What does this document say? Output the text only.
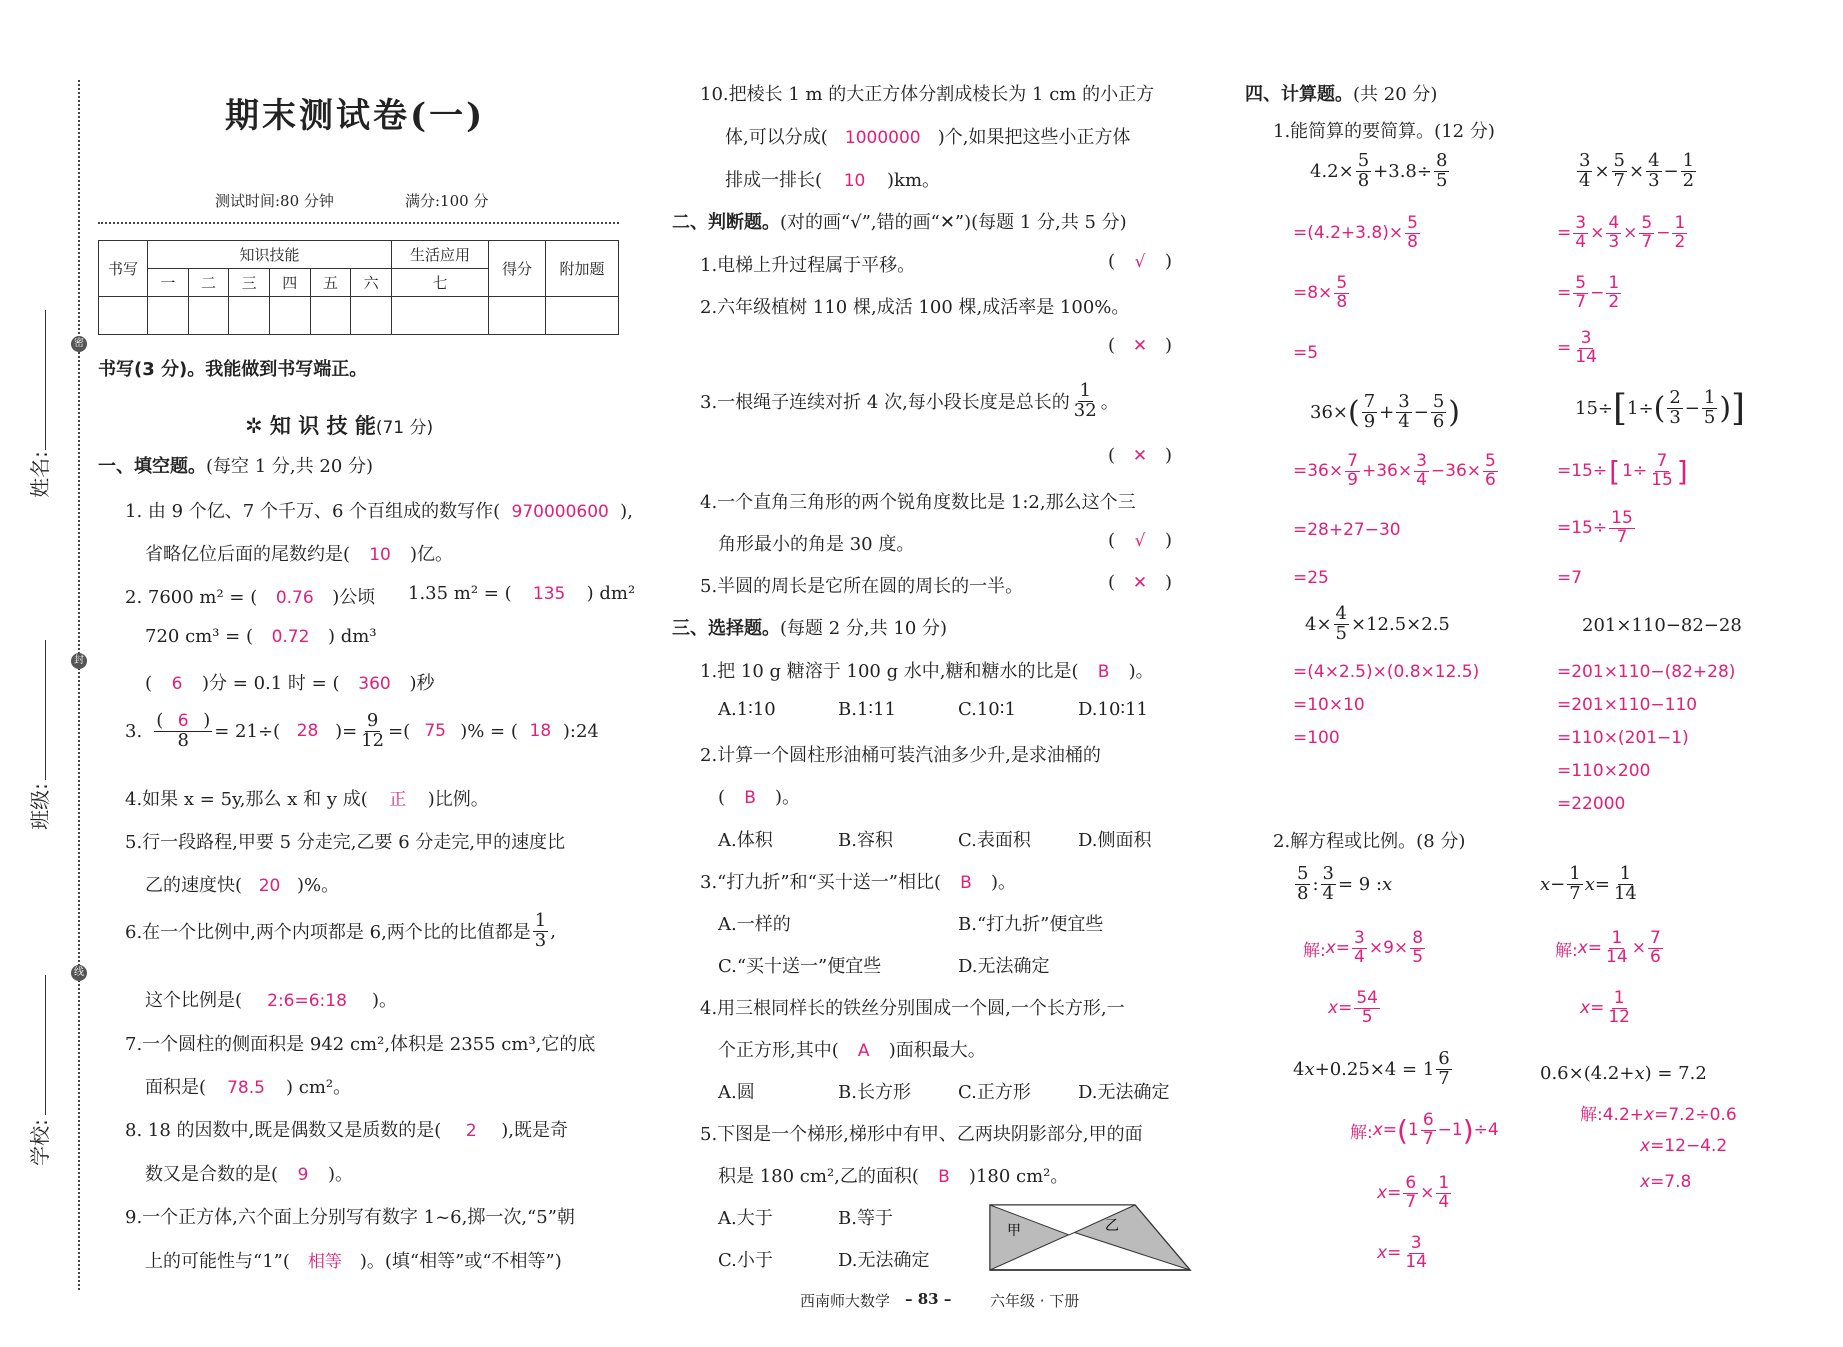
密
封
线
姓名:
班级:
学校:
期末测试卷(一)
测试时间:80 分钟	满分:100 分
书写	知识技能						生活应用	得分	附加题
	一	二	三	四	五	六	七		

书写(3 分)。我能做到书写端正。
✲ 知 识 技 能(71 分)
一、填空题。(每空 1 分,共 20 分)
1. 由 9 个亿、7 个千万、6 个百组成的数写作( 970000600 ),
省略亿位后面的尾数约是( 10 )亿。
2. 7600 m² = ( 0.76 )公顷 1.35 m² = ( 135 ) dm²
720 cm³ = ( 0.72 ) dm³
( 6 )分 = 0.1 时 = ( 360 )秒
3. $\frac{( 6 )}{8} = 21\div$( 28 )= $\frac{9}{12}$ =( 75 )% = ( 18 ):24
4.如果 x = 5y,那么 x 和 y 成( 正 )比例。
5.行一段路程,甲要 5 分走完,乙要 6 分走完,甲的速度比
乙的速度快( 20 )%。
6.在一个比例中,两个内项都是 6,两个比的比值都是 $\frac{1}{3}$ ,
这个比例是( 2:6=6:18 )。
7.一个圆柱的侧面积是 942 cm²,体积是 2355 cm³,它的底
面积是( 78.5 ) cm²。
8. 18 的因数中,既是偶数又是质数的是( 2 ),既是奇
数又是合数的是( 9 )。
9.一个正方体,六个面上分别写有数字 1~6,掷一次,“5”朝
上的可能性与“1”( 相等 )。(填“相等”或“不相等”)
10.把棱长 1 m 的大正方体分割成棱长为 1 cm 的小正方
体,可以分成( 1000000 )个,如果把这些小正方体
排成一排长( 10 )km。
二、判断题。(对的画“√”,错的画“✕”)(每题 1 分,共 5 分)
1.电梯上升过程属于平移。	( √ )
2.六年级植树 110 棵,成活 100 棵,成活率是 100%。
( ✕ )
3.一根绳子连续对折 4 次,每小段长度是总长的 $\frac{1}{32}$ 。
( ✕ )
4.一个直角三角形的两个锐角度数比是 1:2,那么这个三
角形最小的角是 30 度。	( √ )
5.半圆的周长是它所在圆的周长的一半。	( ✕ )
三、选择题。(每题 2 分,共 10 分)
1.把 10 g 糖溶于 100 g 水中,糖和糖水的比是( B )。
A.1∶10	B.1∶11	C.10∶1	D.10∶11
2.计算一个圆柱形油桶可装汽油多少升,是求油桶的
( B )。
A.体积	B.容积	C.表面积	D.侧面积
3.“打九折”和“买十送一”相比( B )。
A.一样的	B.“打九折”便宜些
C.“买十送一”便宜些	D.无法确定
4.用三根同样长的铁丝分别围成一个圆,一个长方形,一
个正方形,其中( A )面积最大。
A.圆	B.长方形	C.正方形	D.无法确定
5.下图是一个梯形,梯形中有甲、乙两块阴影部分,甲的面
积是 180 cm²,乙的面积( B )180 cm²。
A.大于	B.等于
C.小于	D.无法确定
甲	乙
四、计算题。(共 20 分)
1.能简算的要简算。(12 分)
$4.2\times \frac{5}{8} +3.8\div \frac{8}{5}$
$=(4.2+3.8)\times \frac{5}{8}$
$=8\times \frac{5}{8}$
=5
$\frac{3}{4} \times \frac{5}{7} \times \frac{4}{3} - \frac{1}{2}$
= $\frac{3}{4} \times \frac{4}{3} \times \frac{5}{7} - \frac{1}{2}$
= $\frac{5}{7} - \frac{1}{2}$
= $\frac{3}{14}$
36× ( $\frac{7}{9} + \frac{3}{4} - \frac{5}{6}$ )
$=36\times \frac{7}{9} +36\times \frac{3}{4} -36\times \frac{5}{6}$
=28+27−30
=25
15÷ [ 1÷ ( $\frac{2}{3} - \frac{1}{5}$ ) ]
=15÷ [ $1\div \frac{7}{15}$ ]
$=15\div \frac{15}{7}$
=7
$4\times \frac{4}{5} \times 12.5\times 2.5$
=(4×2.5)×(0.8×12.5)
=10×10
=100
201×110−82−28
=201×110−(82+28)
=201×110−110
=110×(201−1)
=110×200
=22000
2.解方程或比例。(8 分)
$\frac{5}{8}$ : $\frac{3}{4} = 9$ : x
解: $x = \frac{3}{4} \times 9\times \frac{8}{5}$
$x = \frac{54}{5}$
$x - \frac{1}{7}$ $x = \frac{1}{14}$
解: $x = \frac{1}{14} \times \frac{7}{6}$
$x = \frac{1}{12}$
4 $x +0.25\times 4 = 1 \frac{6}{7}$
解: x = ( $1 \frac{6}{7} -1$ ) ÷4
$x = \frac{6}{7} \times \frac{1}{4}$
$x = \frac{3}{14}$
0.6×(4.2+x) = 7.2
解:4.2+x=7.2÷0.6
x=12−4.2
x=7.8
西南师大数学 – 83 –	六年级 · 下册
